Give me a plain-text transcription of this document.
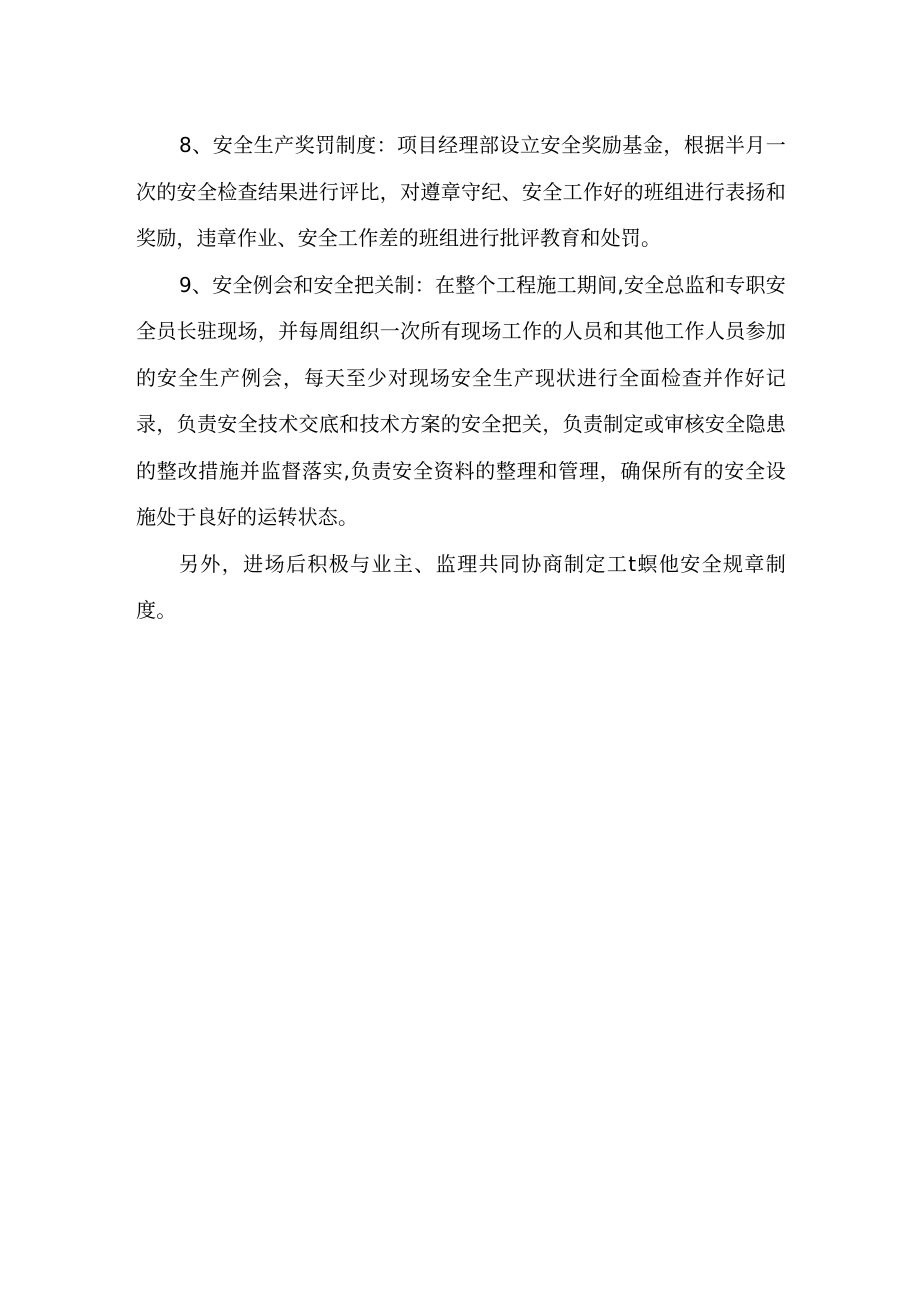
8、安全生产奖罚制度：项目经理部设立安全奖励基金，根据半月一次的安全检查结果进行评比，对遵章守纪、安全工作好的班组进行表扬和奖励，违章作业、安全工作差的班组进行批评教育和处罚。

9、安全例会和安全把关制：在整个工程施工期间,安全总监和专职安全员长驻现场，并每周组织一次所有现场工作的人员和其他工作人员参加的安全生产例会，每天至少对现场安全生产现状进行全面检查并作好记录，负责安全技术交底和技术方案的安全把关，负责制定或审核安全隐患的整改措施并监督落实,负责安全资料的整理和管理，确保所有的安全设施处于良好的运转状态。

另外，进场后积极与业主、监理共同协商制定工t螟他安全规章制度。
